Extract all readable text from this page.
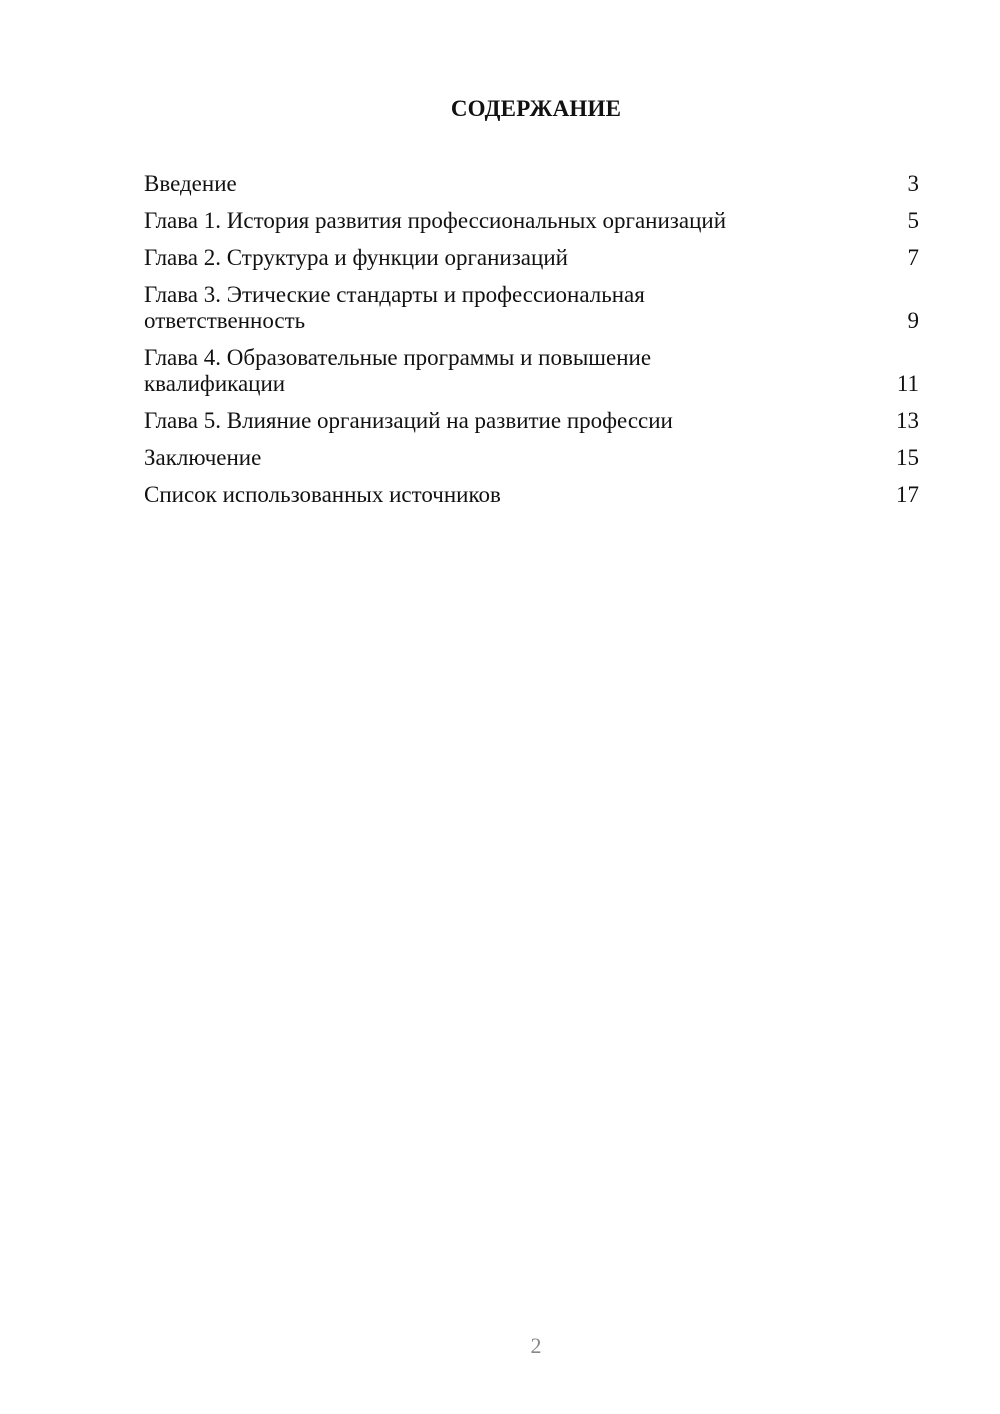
СОДЕРЖАНИЕ
Введение	3
Глава 1. История развития профессиональных организаций	5
Глава 2. Структура и функции организаций	7
Глава 3. Этические стандарты и профессиональная ответственность	9
Глава 4. Образовательные программы и повышение квалификации	11
Глава 5. Влияние организаций на развитие профессии	13
Заключение	15
Список использованных источников	17
2
